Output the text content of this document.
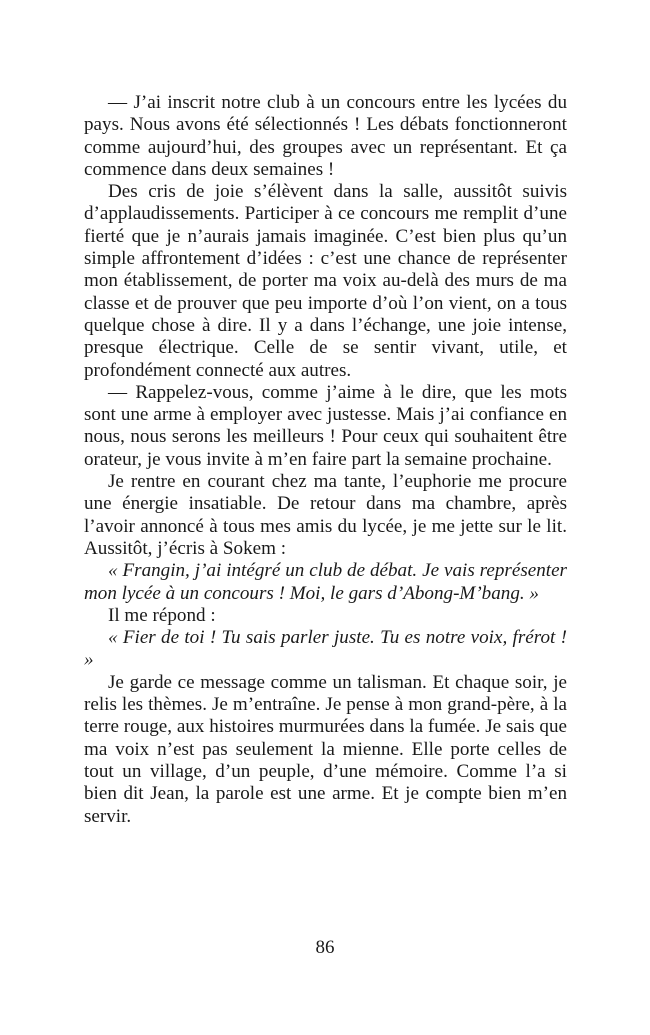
— J’ai inscrit notre club à un concours entre les lycées du pays. Nous avons été sélectionnés ! Les débats fonctionneront comme aujourd’hui, des groupes avec un représentant. Et ça commence dans deux semaines !

Des cris de joie s’élèvent dans la salle, aussitôt suivis d’applaudissements. Participer à ce concours me remplit d’une fierté que je n’aurais jamais imaginée. C’est bien plus qu’un simple affrontement d’idées : c’est une chance de représenter mon établissement, de porter ma voix au-delà des murs de ma classe et de prouver que peu importe d’où l’on vient, on a tous quelque chose à dire. Il y a dans l’échange, une joie intense, presque électrique. Celle de se sentir vivant, utile, et profondément connecté aux autres.

— Rappelez-vous, comme j’aime à le dire, que les mots sont une arme à employer avec justesse. Mais j’ai confiance en nous, nous serons les meilleurs ! Pour ceux qui souhaitent être orateur, je vous invite à m’en faire part la semaine prochaine.

Je rentre en courant chez ma tante, l’euphorie me procure une énergie insatiable. De retour dans ma chambre, après l’avoir annoncé à tous mes amis du lycée, je me jette sur le lit. Aussitôt, j’écris à Sokem :

« Frangin, j’ai intégré un club de débat. Je vais représenter mon lycée à un concours ! Moi, le gars d’Abong-M’bang. »

Il me répond :

« Fier de toi ! Tu sais parler juste. Tu es notre voix, frérot ! »

Je garde ce message comme un talisman. Et chaque soir, je relis les thèmes. Je m’entraîne. Je pense à mon grand-père, à la terre rouge, aux histoires murmurées dans la fumée. Je sais que ma voix n’est pas seulement la mienne. Elle porte celles de tout un village, d’un peuple, d’une mémoire. Comme l’a si bien dit Jean, la parole est une arme. Et je compte bien m’en servir.

86
